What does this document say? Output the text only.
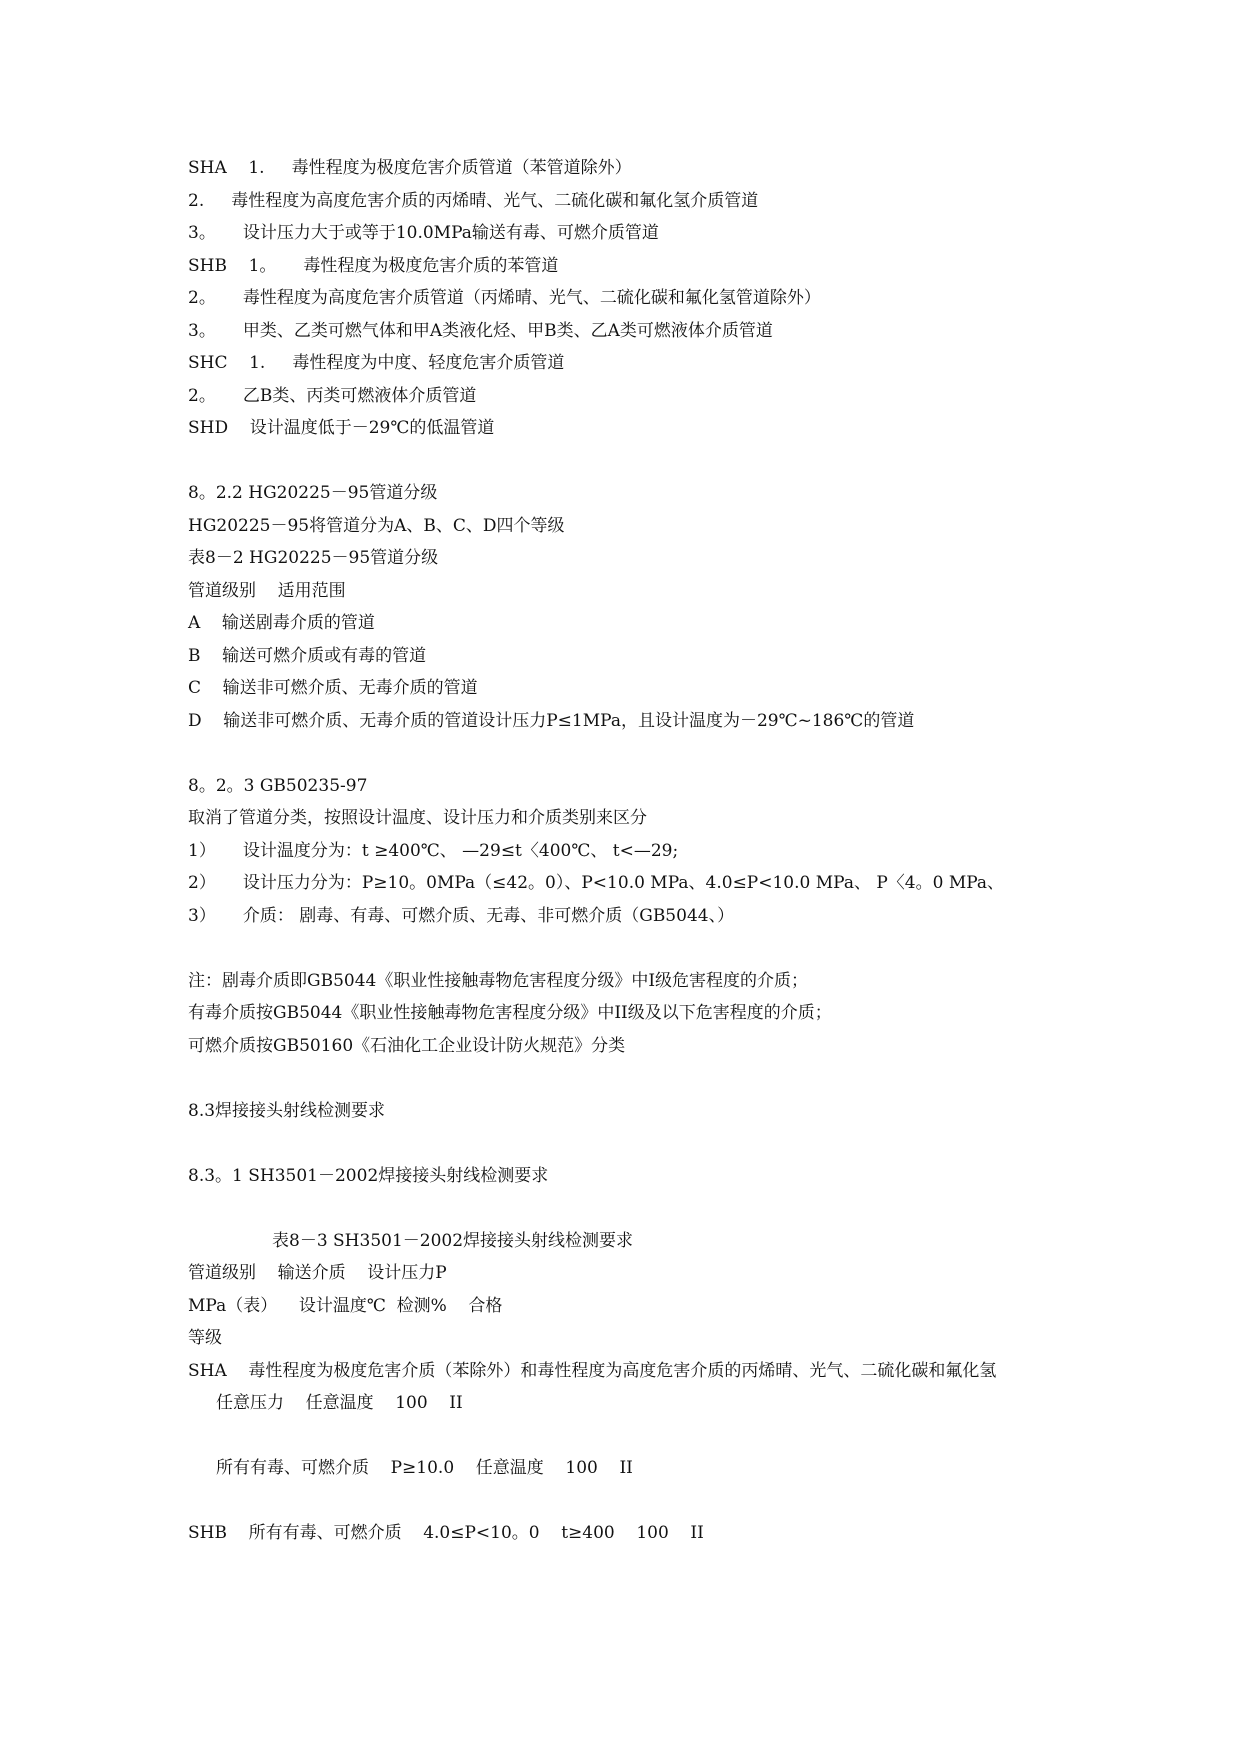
SHA    1.     毒性程度为极度危害介质管道（苯管道除外）
2.     毒性程度为高度危害介质的丙烯晴、光气、二硫化碳和氟化氢介质管道
3。     设计压力大于或等于10.0MPa输送有毒、可燃介质管道
SHB    1。     毒性程度为极度危害介质的苯管道
2。     毒性程度为高度危害介质管道（丙烯晴、光气、二硫化碳和氟化氢管道除外）
3。     甲类、乙类可燃气体和甲A类液化烃、甲B类、乙A类可燃液体介质管道
SHC    1.     毒性程度为中度、轻度危害介质管道
2。     乙B类、丙类可燃液体介质管道
SHD    设计温度低于－29℃的低温管道
8。2.2 HG20225－95管道分级
HG20225－95将管道分为A、B、C、D四个等级
表8－2 HG20225－95管道分级
管道级别    适用范围
A    输送剧毒介质的管道
B    输送可燃介质或有毒的管道
C    输送非可燃介质、无毒介质的管道
D    输送非可燃介质、无毒介质的管道设计压力P≤1MPa，且设计温度为－29℃~186℃的管道
8。2。3 GB50235-97
取消了管道分类，按照设计温度、设计压力和介质类别来区分
1）     设计温度分为：t ≥400℃、 —29≤t〈400℃、 t<—29;
2）     设计压力分为：P≥10。0MPa（≤42。0）、P<10.0 MPa、4.0≤P<10.0 MPa、 P〈4。0 MPa、
3）     介质： 剧毒、有毒、可燃介质、无毒、非可燃介质（GB5044、）
注：剧毒介质即GB5044《职业性接触毒物危害程度分级》中I级危害程度的介质；
有毒介质按GB5044《职业性接触毒物危害程度分级》中II级及以下危害程度的介质；
可燃介质按GB50160《石油化工企业设计防火规范》分类
8.3焊接接头射线检测要求
8.3。1 SH3501－2002焊接接头射线检测要求
表8－3 SH3501－2002焊接接头射线检测要求
管道级别    输送介质    设计压力P
MPa（表）    设计温度℃  检测%    合格
等级
SHA    毒性程度为极度危害介质（苯除外）和毒性程度为高度危害介质的丙烯晴、光气、二硫化碳和氟化氢
任意压力    任意温度    100    II
所有有毒、可燃介质    P≥10.0    任意温度    100    II
SHB    所有有毒、可燃介质    4.0≤P<10。0    t≥400    100    II
